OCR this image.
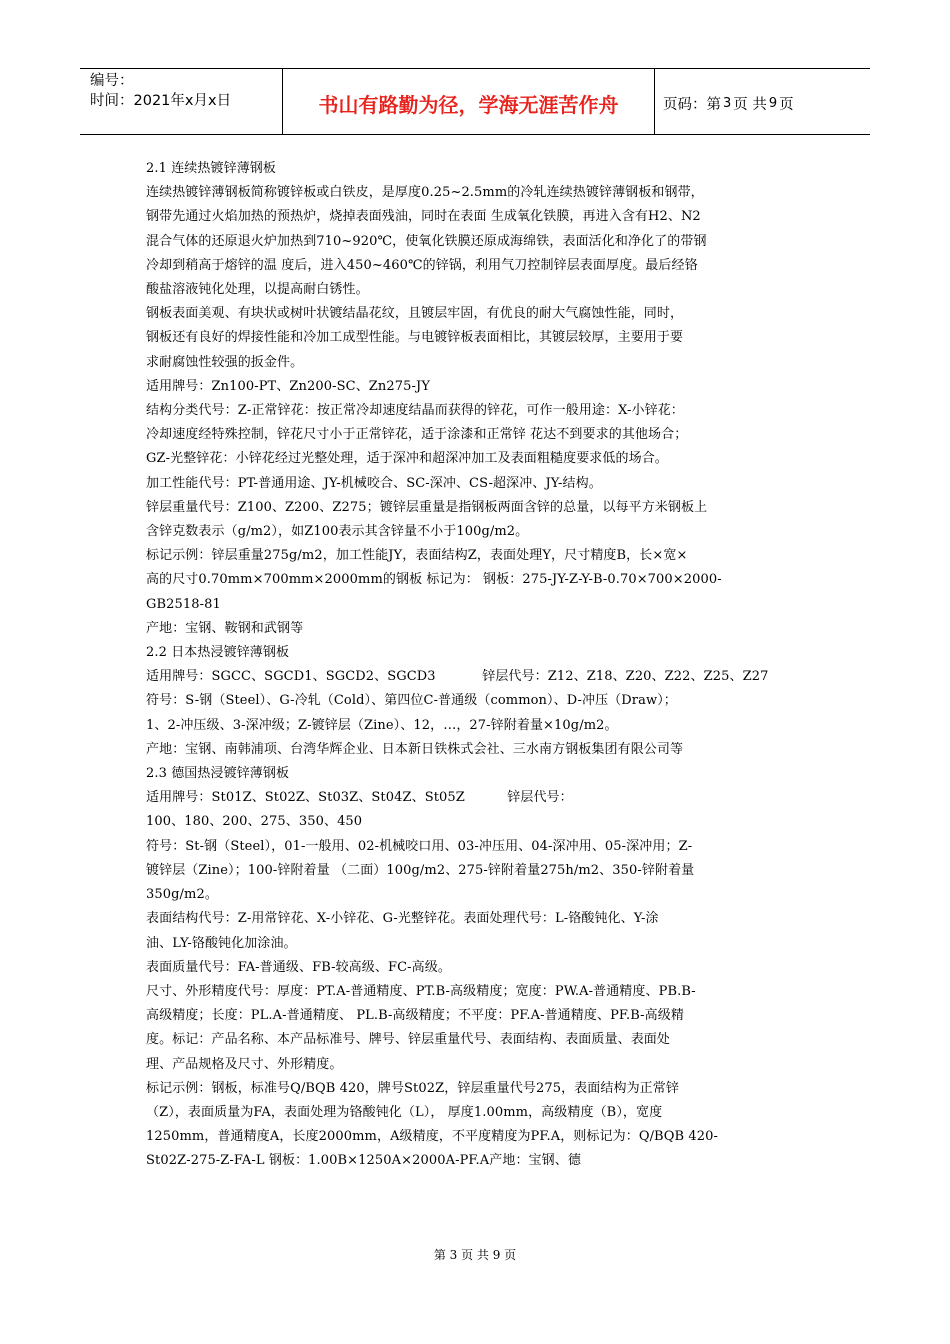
编号：
时间：2021年x月x日	书山有路勤为径，学海无涯苦作舟	页码：第 3 页 共 9 页

2.1 连续热镀锌薄钢板

连续热镀锌薄钢板简称镀锌板或白铁皮，是厚度0.25~2.5mm的冷轧连续热镀锌薄钢板和钢带，

钢带先通过火焰加热的预热炉，烧掉表面残油，同时在表面 生成氧化铁膜，再进入含有H2、N2

混合气体的还原退火炉加热到710~920℃，使氧化铁膜还原成海绵铁，表面活化和净化了的带钢

冷却到稍高于熔锌的温 度后，进入450~460℃的锌锅，利用气刀控制锌层表面厚度。最后经铬

酸盐溶液钝化处理，以提高耐白锈性。

钢板表面美观、有块状或树叶状镀结晶花纹，且镀层牢固，有优良的耐大气腐蚀性能，同时，

钢板还有良好的焊接性能和冷加工成型性能。与电镀锌板表面相比，其镀层较厚，主要用于要

求耐腐蚀性较强的扳金件。

适用牌号：Zn100-PT、Zn200-SC、Zn275-JY

结构分类代号：Z-正常锌花：按正常冷却速度结晶而获得的锌花，可作一般用途：X-小锌花：

冷却速度经特殊控制，锌花尺寸小于正常锌花，适于涂漆和正常锌 花达不到要求的其他场合；

GZ-光整锌花：小锌花经过光整处理，适于深冲和超深冲加工及表面粗糙度要求低的场合。

加工性能代号：PT-普通用途、JY-机械咬合、SC-深冲、CS-超深冲、JY-结构。

锌层重量代号：Z100、Z200、Z275；镀锌层重量是指钢板两面含锌的总量，以每平方米钢板上

含锌克数表示（g/m2），如Z100表示其含锌量不小于100g/m2。

标记示例：锌层重量275g/m2，加工性能JY，表面结构Z，表面处理Y，尺寸精度B，长×宽×

高的尺寸0.70mm×700mm×2000mm的钢板 标记为： 钢板：275-JY-Z-Y-B-0.70×700×2000-

GB2518-81

产地：宝钢、鞍钢和武钢等

2.2 日本热浸镀锌薄钢板

适用牌号：SGCC、SGCD1、SGCD2、SGCD3           锌层代号：Z12、Z18、Z20、Z22、Z25、Z27

符号：S-钢（Steel）、G-冷轧（Cold）、第四位C-普通级（common）、D-冲压（Draw）；

1、2-冲压级、3-深冲级；Z-镀锌层（Zine）、12，…，27-锌附着量×10g/m2。

产地：宝钢、南韩浦项、台湾华辉企业、日本新日铁株式会社、三水南方钢板集团有限公司等

2.3 德国热浸镀锌薄钢板

适用牌号：St01Z、St02Z、St03Z、St04Z、St05Z          锌层代号：

100、180、200、275、350、450

符号：St-钢（Steel），01-一般用、02-机械咬口用、03-冲压用、04-深冲用、05-深冲用；Z-

镀锌层（Zine）；100-锌附着量 （二面）100g/m2、275-锌附着量275h/m2、350-锌附着量

350g/m2。

表面结构代号：Z-用常锌花、X-小锌花、G-光整锌花。表面处理代号：L-铬酸钝化、Y-涂

油、LY-铬酸钝化加涂油。

表面质量代号：FA-普通级、FB-较高级、FC-高级。

尺寸、外形精度代号：厚度：PT.A-普通精度、PT.B-高级精度；宽度：PW.A-普通精度、PB.B-

高级精度；长度：PL.A-普通精度、 PL.B-高级精度；不平度：PF.A-普通精度、PF.B-高级精

度。标记：产品名称、本产品标准号、牌号、锌层重量代号、表面结构、表面质量、表面处

理、产品规格及尺寸、外形精度。

标记示例：钢板，标准号Q/BQB 420，牌号St02Z，锌层重量代号275，表面结构为正常锌

（Z），表面质量为FA，表面处理为铬酸钝化（L）， 厚度1.00mm，高级精度（B），宽度

1250mm，普通精度A，长度2000mm，A级精度，不平度精度为PF.A，则标记为：Q/BQB 420-

St02Z-275-Z-FA-L 钢板：1.00B×1250A×2000A-PF.A产地：宝钢、德

第 3 页 共 9 页
